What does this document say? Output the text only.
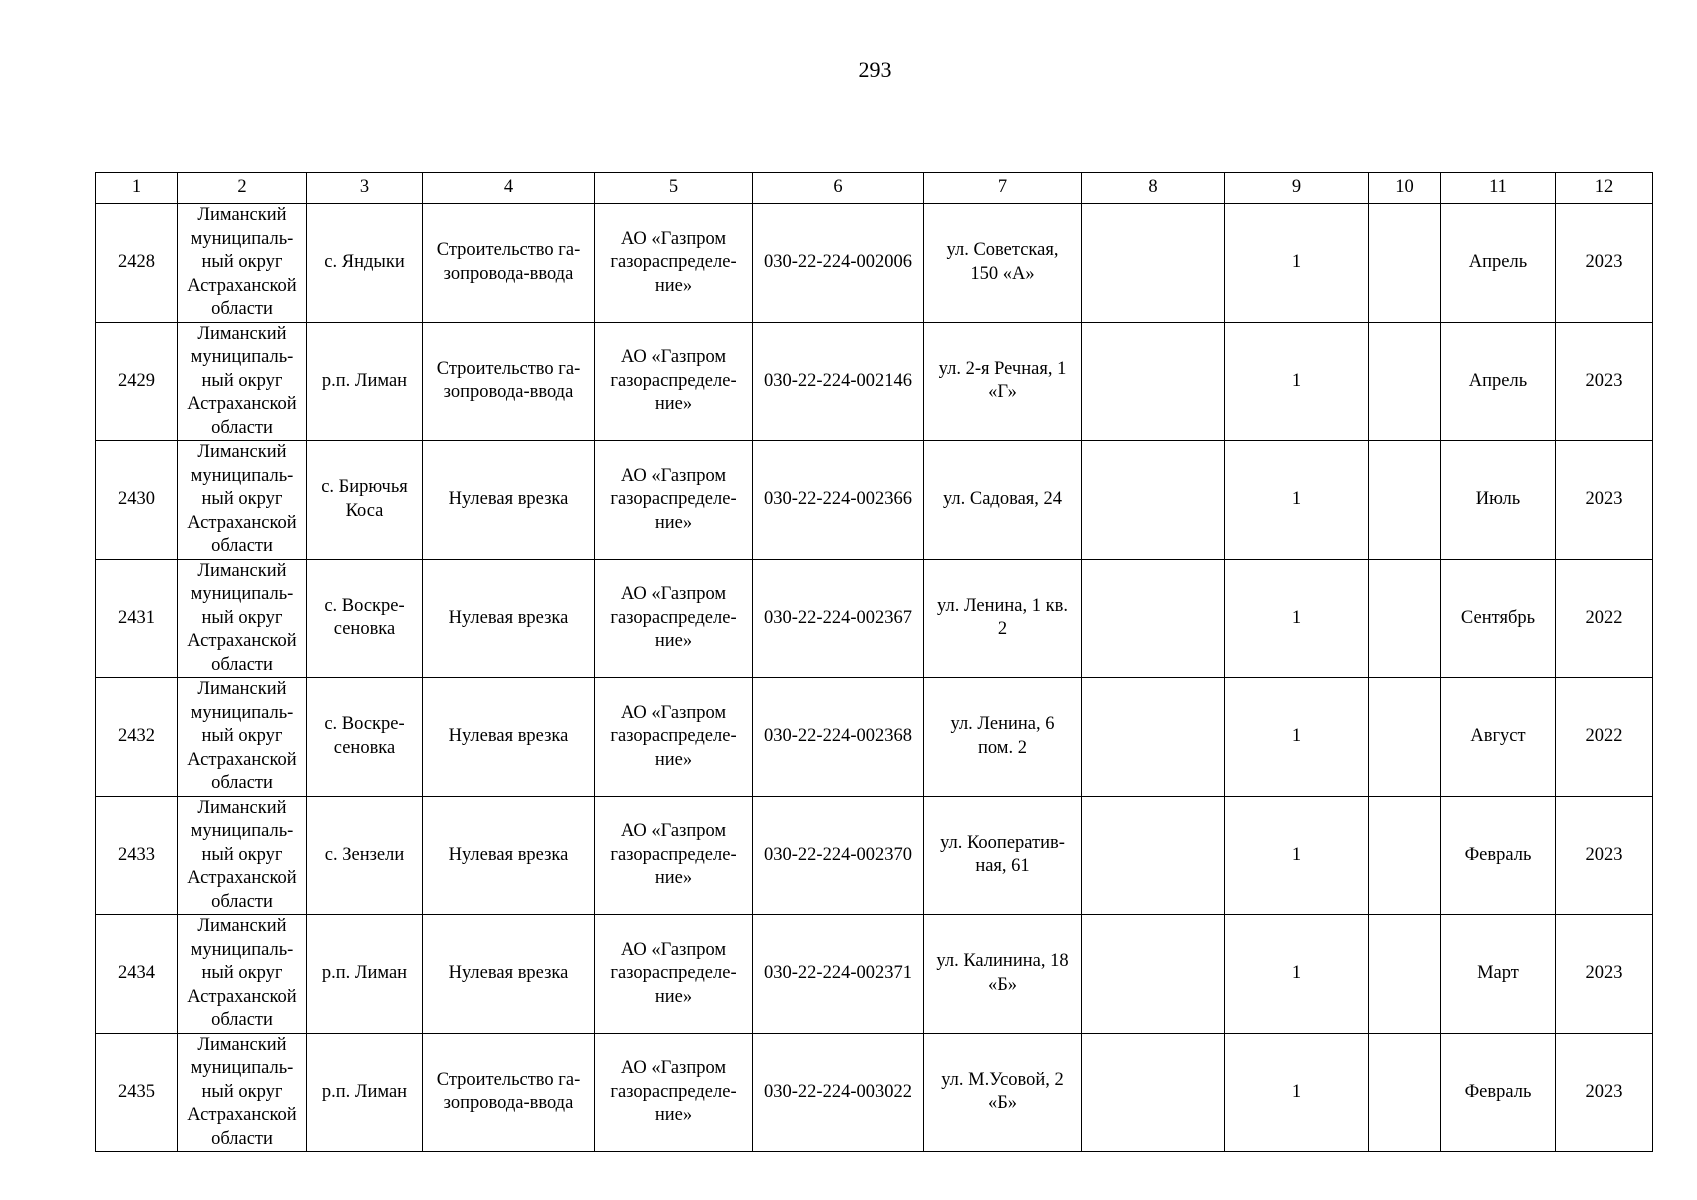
293
1	2	3	4	5	6	7	8	9	10	11	12
2428	Лиманский
муниципаль-
ный округ
Астраханской
области	с. Яндыки	Строительство га-
зопровода-ввода	АО «Газпром
газораспределе-
ние»	030-22-224-002006	ул. Советская,
150 «А»		1		Апрель	2023
2429	Лиманский
муниципаль-
ный округ
Астраханской
области	р.п. Лиман	Строительство га-
зопровода-ввода	АО «Газпром
газораспределе-
ние»	030-22-224-002146	ул. 2-я Речная, 1
«Г»		1		Апрель	2023
2430	Лиманский
муниципаль-
ный округ
Астраханской
области	с. Бирючья
Коса	Нулевая врезка	АО «Газпром
газораспределе-
ние»	030-22-224-002366	ул. Садовая, 24		1		Июль	2023
2431	Лиманский
муниципаль-
ный округ
Астраханской
области	с. Воскре-
сеновка	Нулевая врезка	АО «Газпром
газораспределе-
ние»	030-22-224-002367	ул. Ленина, 1 кв.
2		1		Сентябрь	2022
2432	Лиманский
муниципаль-
ный округ
Астраханской
области	с. Воскре-
сеновка	Нулевая врезка	АО «Газпром
газораспределе-
ние»	030-22-224-002368	ул. Ленина, 6
пом. 2		1		Август	2022
2433	Лиманский
муниципаль-
ный округ
Астраханской
области	с. Зензели	Нулевая врезка	АО «Газпром
газораспределе-
ние»	030-22-224-002370	ул. Кооператив-
ная, 61		1		Февраль	2023
2434	Лиманский
муниципаль-
ный округ
Астраханской
области	р.п. Лиман	Нулевая врезка	АО «Газпром
газораспределе-
ние»	030-22-224-002371	ул. Калинина, 18
«Б»		1		Март	2023
2435	Лиманский
муниципаль-
ный округ
Астраханской
области	р.п. Лиман	Строительство га-
зопровода-ввода	АО «Газпром
газораспределе-
ние»	030-22-224-003022	ул. М.Усовой, 2
«Б»		1		Февраль	2023
